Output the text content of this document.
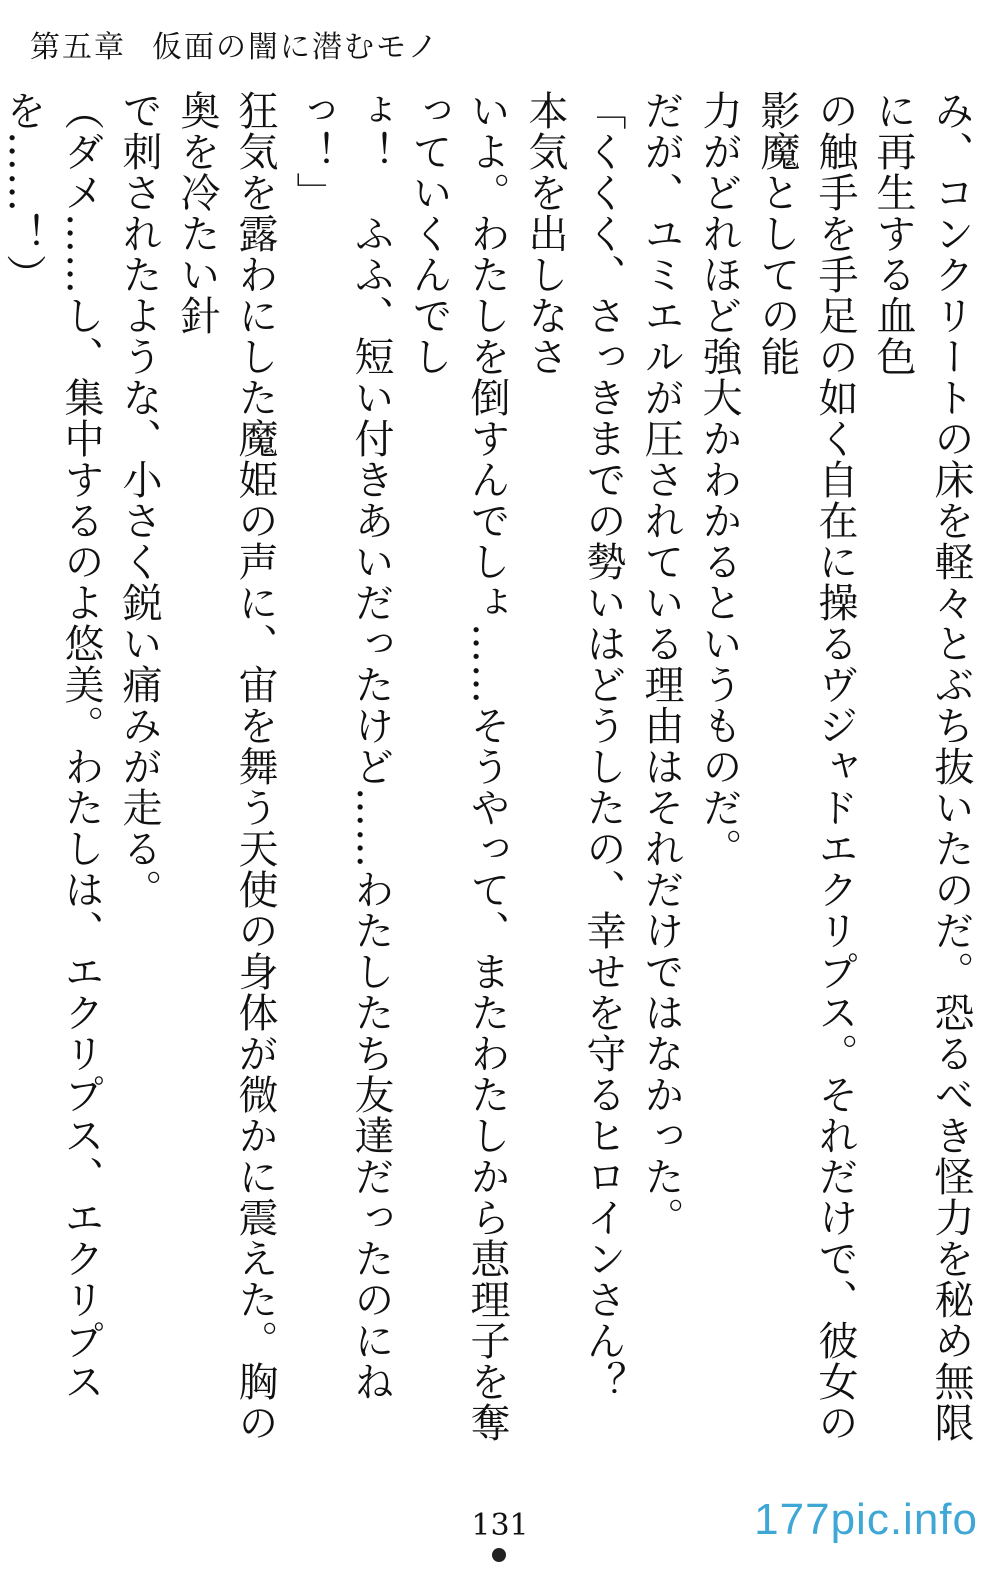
第五章 仮面の闇に潜むモノ

み、コンクリートの床を軽々とぶち抜いたのだ。恐るべき怪力を秘め無限に再生する血色

の触手を手足の如く自在に操るヴジャドエクリプス。それだけで、彼女の影魔としての能

力がどれほど強大かわかるというものだ。

だが、ユミエルが圧されている理由はそれだけではなかった。

「くくく、さっきまでの勢いはどうしたの、幸せを守るヒロインさん？　本気を出しなさ

いよ。わたしを倒すんでしょ……そうやって、またわたしから恵理子を奪っていくんでし

ょ！　ふふ、短い付きあいだったけど……わたしたち友達だったのにねっ！」

狂気を露わにした魔姫の声に、宙を舞う天使の身体が微かに震えた。胸の奥を冷たい針

で刺されたような、小さく鋭い痛みが走る。

（ダメ……し、集中するのよ悠美。わたしは、エクリプス、エクリプスを……！）

131	177pic.info
